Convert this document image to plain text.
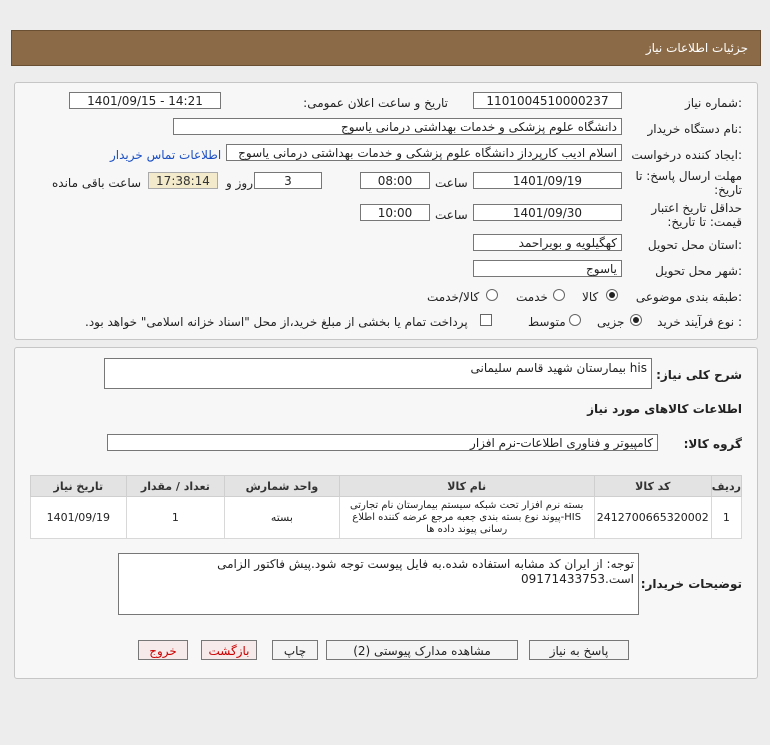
جزئیات اطلاعات نیاز
شماره نیاز:
1101004510000237
تاریخ و ساعت اعلان عمومی:
1401/09/15 - 14:21
نام دستگاه خریدار:
دانشگاه علوم پزشکی و خدمات بهداشتی درمانی یاسوج
ایجاد کننده درخواست:
اسلام ادیب کارپرداز دانشگاه علوم پزشکی و خدمات بهداشتی درمانی یاسوج
اطلاعات تماس خریدار
مهلت ارسال پاسخ: تا
تاریخ:
1401/09/19
ساعت
08:00
3
روز و
17:38:14
ساعت باقی مانده
حداقل تاریخ اعتبار
قیمت: تا تاریخ:
1401/09/30
ساعت
10:00
استان محل تحویل:
کهگیلویه و بویراحمد
شهر محل تحویل:
یاسوج
طبقه بندی موضوعی:
کالا
خدمت
کالا/خدمت
نوع فرآیند خرید :
جزیی
متوسط
پرداخت تمام یا بخشی از مبلغ خرید،از محل "اسناد خزانه اسلامی" خواهد بود.
شرح کلی نیاز:
his بیمارستان شهید قاسم سلیمانی
اطلاعات کالاهای مورد نیاز
گروه کالا:
کامپیوتر و فناوری اطلاعات-نرم افزار
ردیف	کد کالا	نام کالا	واحد شمارش	تعداد / مقدار	تاریخ نیاز
1	2412700665320002	بسته نرم افزار تحت شبکه سیستم بیمارستان نام تجارتی HIS-پیوند نوع بسته بندی جعبه مرجع عرضه کننده اطلاع رسانی پیوند داده ها	بسته	1	1401/09/19
توضیحات خریدار:
توجه: از ایران کد مشابه استفاده شده.به فایل پیوست توجه شود.پیش فاکتور الزامی است.09171433753
پاسخ به نیاز
مشاهده مدارک پیوستی (2)
چاپ
بازگشت
خروج
